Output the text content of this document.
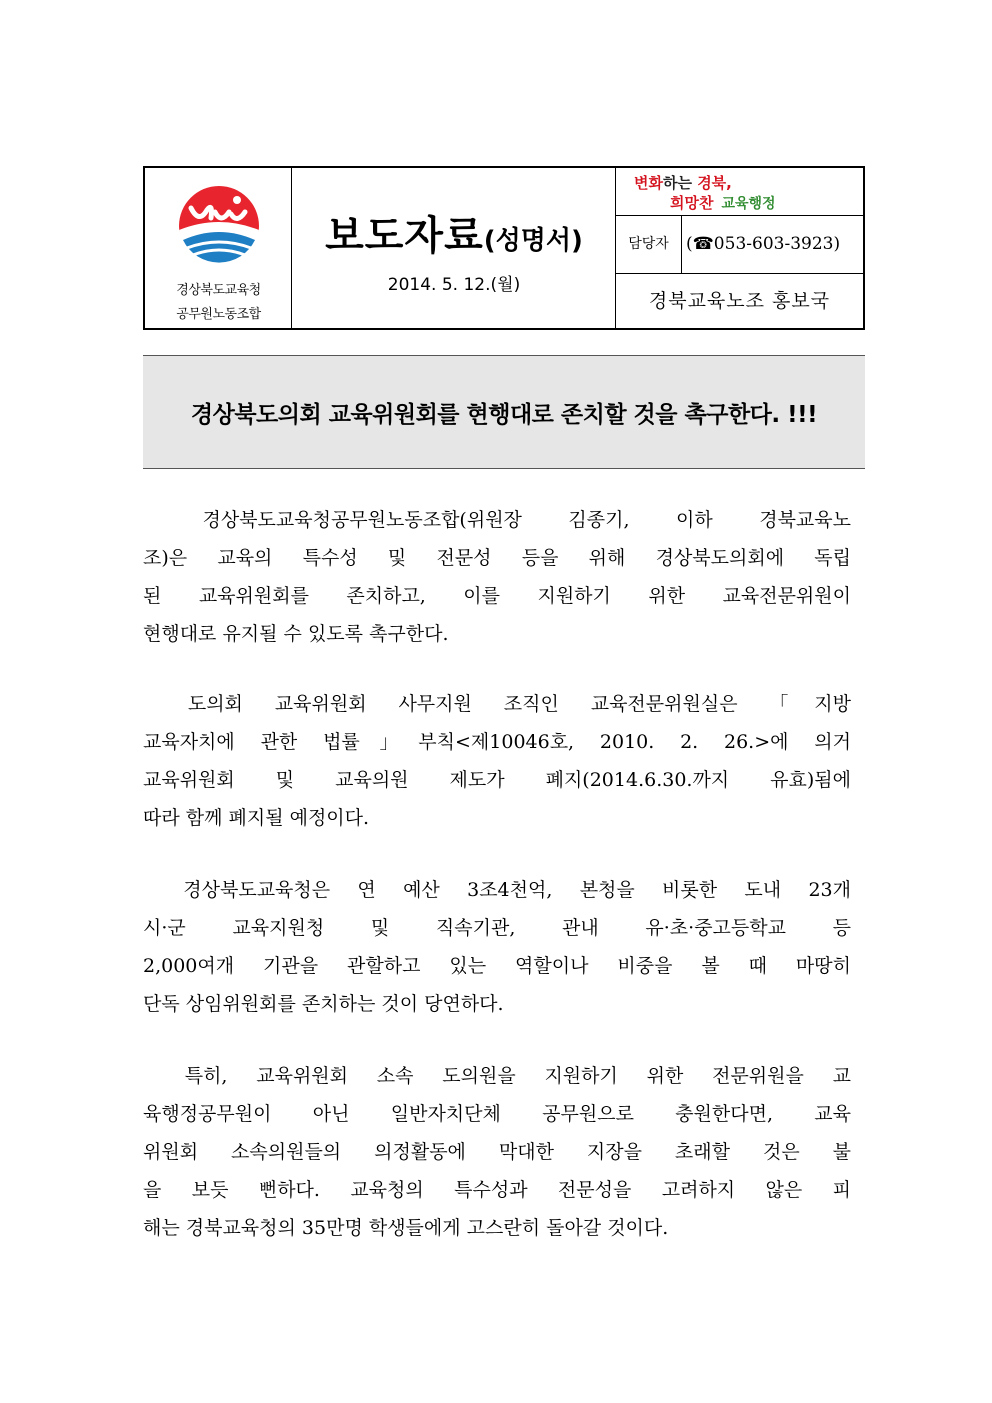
경상북도교육청
공무원노동조합
보도자료(성명서)
2014. 5. 12.(월)
변화하는 경북,
희망찬 교육행정
담당자	(☎053-603-3923)
경북교육노조 홍보국
경상북도의회 교육위원회를 현행대로 존치할 것을 촉구한다. !!!
　경상북도교육청공무원노동조합(위원장 김종기, 이하 경북교육노
조)은 교육의 특수성 및 전문성 등을 위해 경상북도의회에 독립
된 교육위원회를 존치하고, 이를 지원하기 위한 교육전문위원이
현행대로 유지될 수 있도록 촉구한다.
　도의회 교육위원회 사무지원 조직인 교육전문위원실은 「지방
교육자치에 관한 법률」부칙<제10046호, 2010. 2. 26.>에 의거
교육위원회 및 교육의원 제도가 폐지(2014.6.30.까지 유효)됨에
따라 함께 폐지될 예정이다.
　경상북도교육청은 연 예산 3조4천억, 본청을 비롯한 도내 23개
시·군 교육지원청 및 직속기관, 관내 유·초·중고등학교 등
2,000여개 기관을 관할하고 있는 역할이나 비중을 볼 때 마땅히
단독 상임위원회를 존치하는 것이 당연하다.
　특히, 교육위원회 소속 도의원을 지원하기 위한 전문위원을 교
육행정공무원이 아닌 일반자치단체 공무원으로 충원한다면, 교육
위원회 소속의원들의 의정활동에 막대한 지장을 초래할 것은 불
을 보듯 뻔하다. 교육청의 특수성과 전문성을 고려하지 않은 피
해는 경북교육청의 35만명 학생들에게 고스란히 돌아갈 것이다.
